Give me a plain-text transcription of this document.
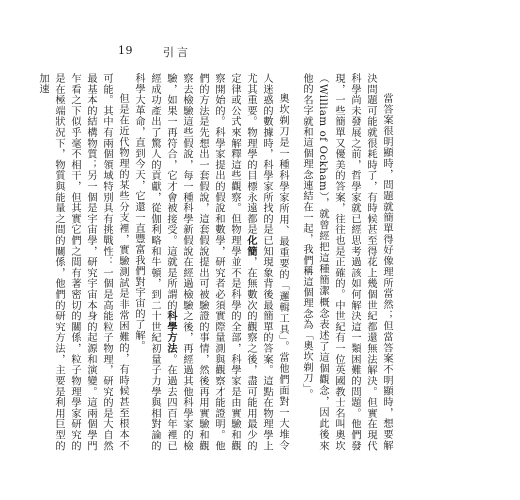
19	引言

當答案很明顯時，問題就簡單得好像理所當然；但當答案不明顯時，想要解決問題可能就很耗時了，有時候甚至得花上幾個世紀都還無法解決。但實在現代科學尚未發展之前，哲學家就已經思考過該如何解決這一類困難的問題。他們發現，一些簡單又優美的答案，往往也是正確的。中世紀有一位英國教士名叫奧坎（William of Ockham），就曾經把這種簡潔概念表述了這個觀念，因此後來他的名字就和這個理念連結在一起，我們稱這個理念為「奧坎剃刀」。

奧坎剃刀是一種科學家所用、最重要的「邏輯工具」。當他們面對一大堆令人迷惑的數據時，科學家所找的是已知現象背後最簡單的答案。這點在物理學上尤其重要。物理學的目標永遠都是化簡，在無數次的觀察之後，盡可能用最少的定律或公式來解釋這些觀察。但物理學並不是科學的全部，科學家是由實驗和觀察開始的。科學家提出的假說和數學，研究者必須實際量測與觀察才能證明。他們的方法是先想出一套假說，這套假說提出可被驗證的事情，然後再用實驗和觀察去檢驗這些假說，每一種科學新假說在經過檢驗之後，再經過其他科學家的檢驗，如果一再符合，它才會被接受。這就是所謂的科學方法。在過去四百年裡已經成功產出了驚人的貢獻，從伽利略和牛頓，到二十世紀初量子力學與相對論的科學大革命，直到今天，它還一直豐富我們對宇宙的了解。

但是在近代物理的某些分支裡，實驗測試是非常困難的，有時候甚至根本不可能。其中有兩個領域特別具有挑戰性：一個是高能粒子物理，研究的是大自然最基本的結構物質；另一個是宇宙學，研究宇宙本身的起源和演變。這兩個學門乍看之下似乎毫不相干，但其實它們之間有著密切的關係，粒子物理學家研究的是在極端狀況下，物質與能量之間的關係，他們的研究方法，主要是利用巨型的加速
